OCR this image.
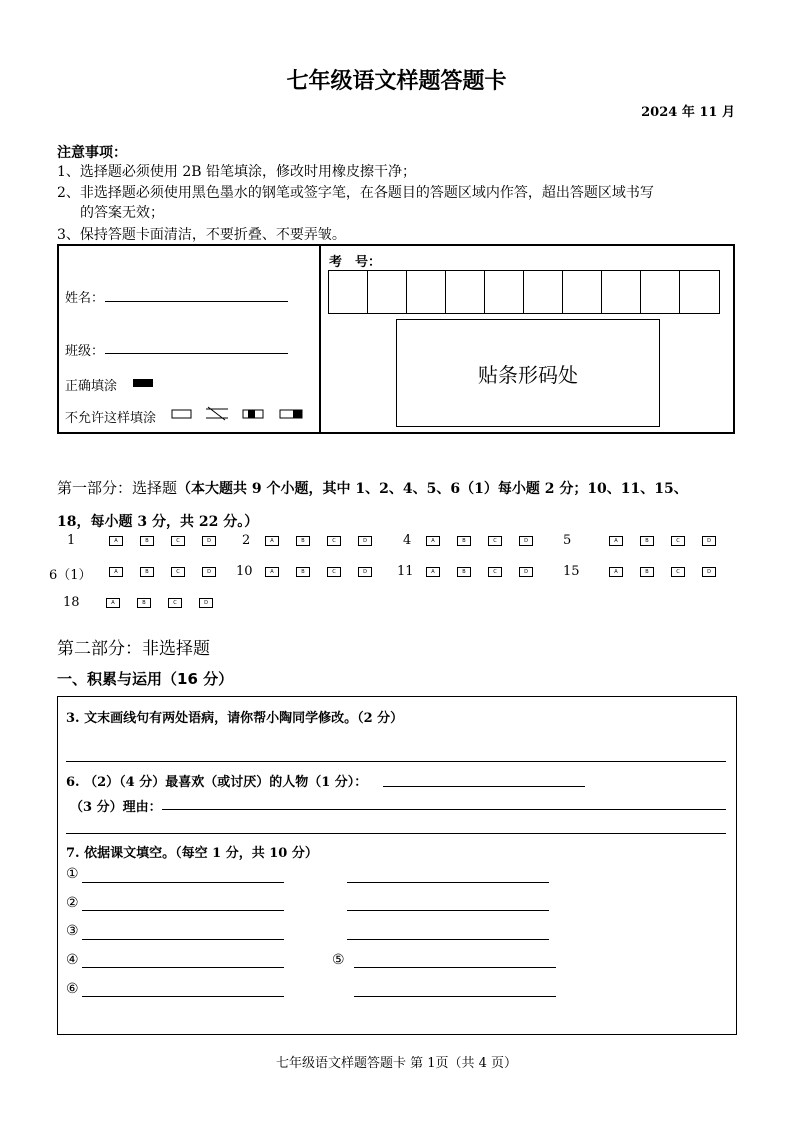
七年级语文样题答题卡
2024 年 11 月
注意事项：
1、选择题必须使用 2B 铅笔填涂，修改时用橡皮擦干净；
2、非选择题必须使用黑色墨水的钢笔或签字笔，在各题目的答题区域内作答，超出答题区域书写
的答案无效；
3、保持答题卡面清洁，不要折叠、不要弄皱。
姓名：
班级：
正确填涂
不允许这样填涂
考　号：
贴条形码处
第一部分：选择题（本大题共 9 个小题，其中 1、2、4、5、6（1）每小题 2 分；10、11、15、
18，每小题 3 分，共 22 分。）
1	A	B	C	D	2	A	B	C	D	4	A	B	C	D	5	A	B	C	D
6（1）	A	B	C	D	10	A	B	C	D	11	A	B	C	D	15	A	B	C	D
18	A	B	C	D
第二部分：非选择题
一、积累与运用（16 分）
3. 文末画线句有两处语病，请你帮小陶同学修改。（2 分）
6. （2）（4 分）最喜欢（或讨厌）的人物（1 分）：
（3 分）理由：
7. 依据课文填空。（每空 1 分，共 10 分）
①
②
③
④	⑤
⑥
七年级语文样题答题卡 第 1页（共 4 页）
